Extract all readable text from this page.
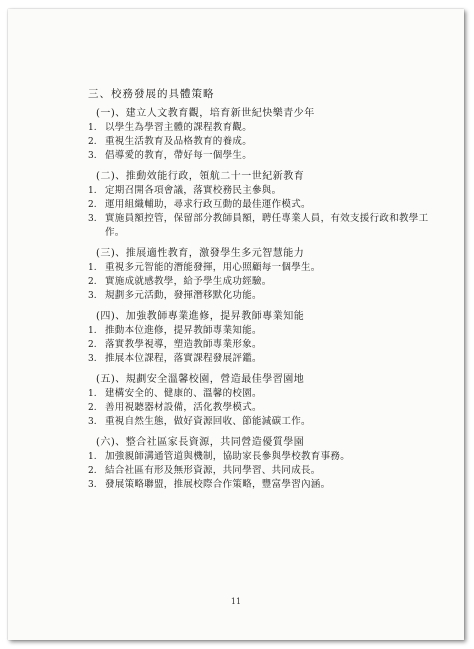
三、校務發展的具體策略
(一)、建立人文教育觀，培育新世紀快樂青少年
1. 以學生為學習主體的課程教育觀。
2. 重視生活教育及品格教育的養成。
3. 倡導愛的教育，帶好每一個學生。
(二)、推動效能行政，領航二十一世紀新教育
1. 定期召開各項會議，落實校務民主參與。
2. 運用組織輔助，尋求行政互動的最佳運作模式。
3. 實施員額控管，保留部分教師員額，聘任專業人員，有效支援行政和教學工作。
(三)、推展適性教育，激發學生多元智慧能力
1. 重視多元智能的潛能發揮，用心照顧每一個學生。
2. 實施成就感教學，給予學生成功經驗。
3. 規劃多元活動，發揮潛移默化功能。
(四)、加強教師專業進修，提昇教師專業知能
1. 推動本位進修，提昇教師專業知能。
2. 落實教學視導，塑造教師專業形象。
3. 推展本位課程，落實課程發展評鑑。
(五)、規劃安全溫馨校園，營造最佳學習園地
1. 建構安全的、健康的、溫馨的校園。
2. 善用視聽器材設備，活化教學模式。
3. 重視自然生態，做好資源回收、節能減碳工作。
(六)、整合社區家長資源，共同營造優質學園
1. 加強親師溝通管道與機制，協助家長參與學校教育事務。
2. 結合社區有形及無形資源，共同學習、共同成長。
3. 發展策略聯盟，推展校際合作策略，豐富學習內涵。
11
